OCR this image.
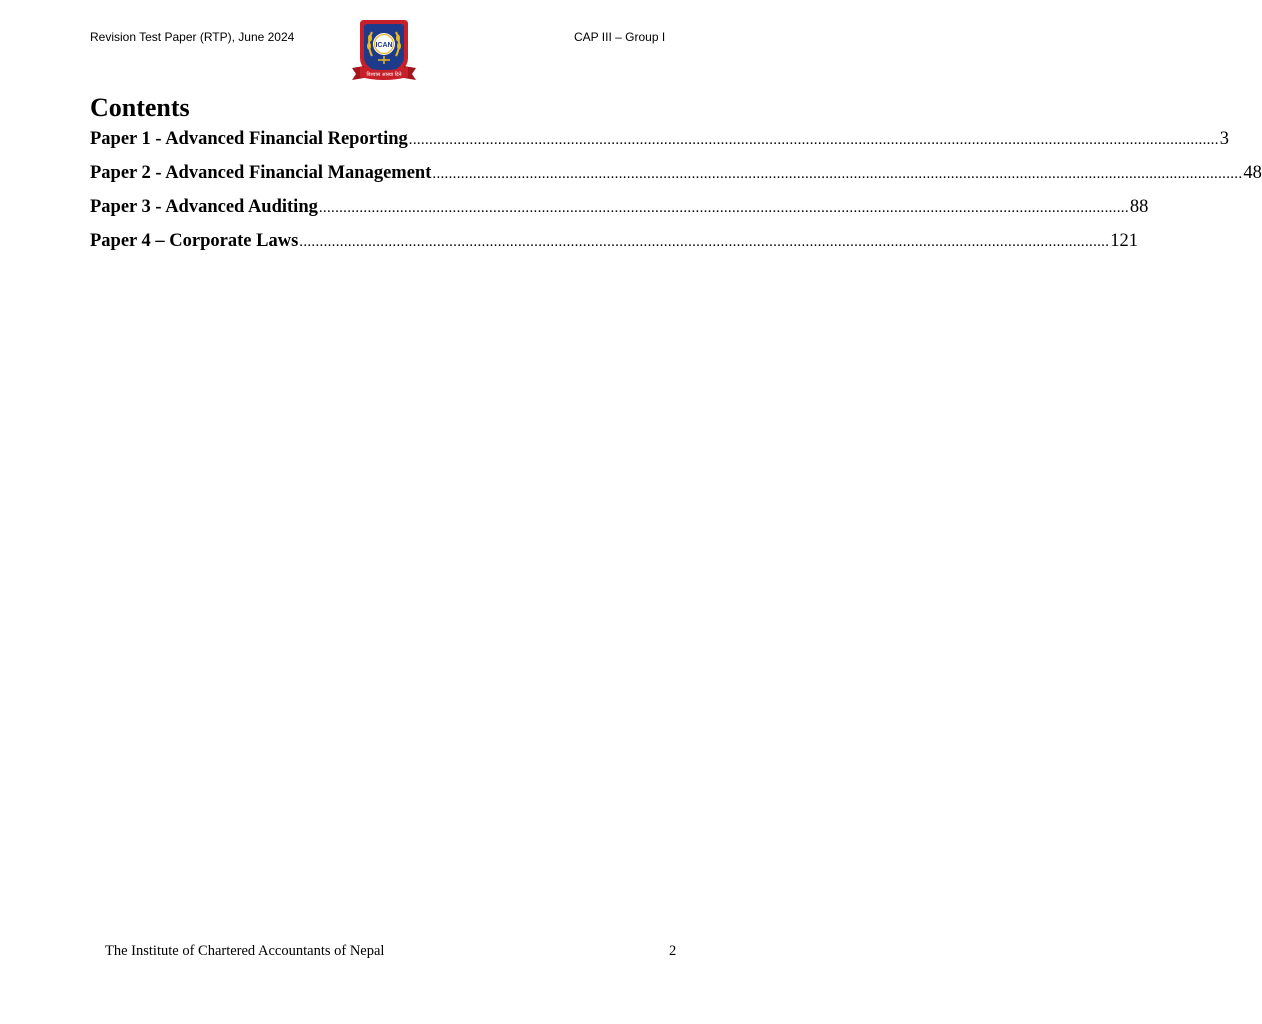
Revision Test Paper (RTP), June 2024
ICAN
विश्वास आस्था दिने
CAP III – Group I
Contents
Paper 1 - Advanced Financial Reporting ........................................................................................................................................................................................................ 3
Paper 2 - Advanced Financial Management ........................................................................................................................................................................................................ 48
Paper 3 - Advanced Auditing ........................................................................................................................................................................................................ 88
Paper 4 – Corporate Laws ........................................................................................................................................................................................................ 121
The Institute of Chartered Accountants of Nepal	2
